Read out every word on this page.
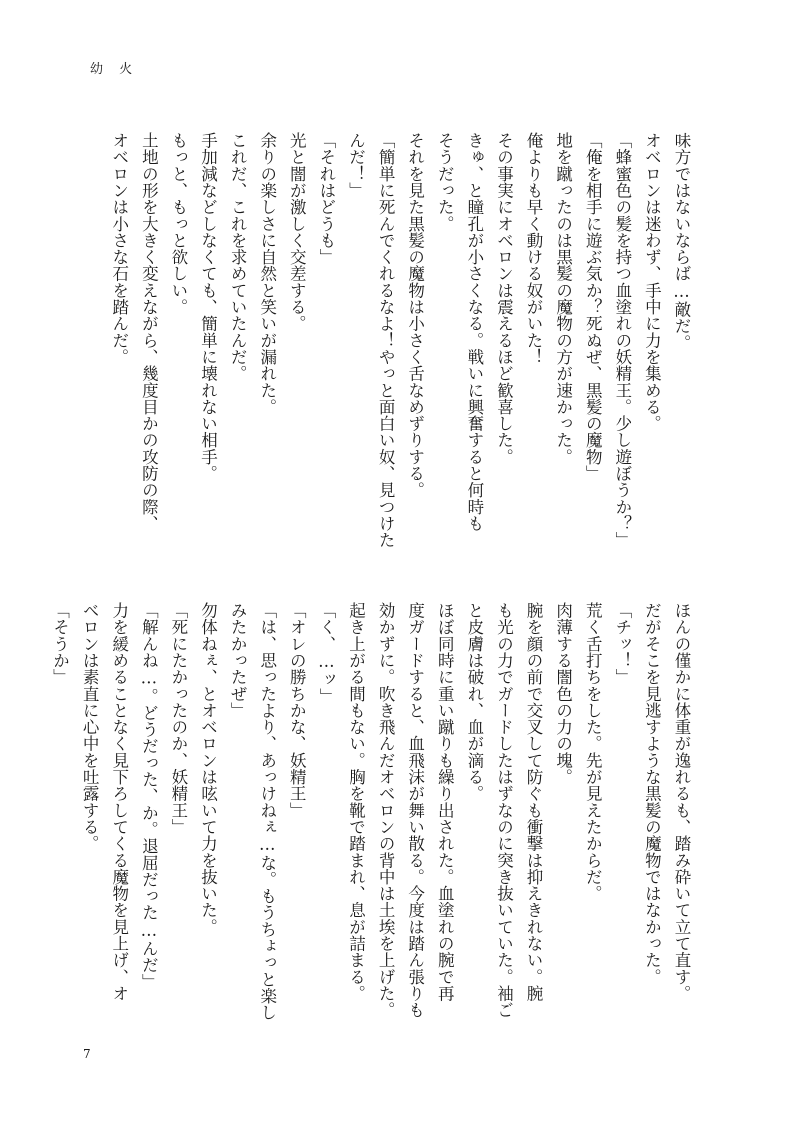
幼 火
味方ではないならば…敵だ。
オベロンは迷わず、手中に力を集める。
「蜂蜜色の髪を持つ血塗れの妖精王。少し遊ぼうか？」
「俺を相手に遊ぶ気か？死ぬぜ、黒髪の魔物」
地を蹴ったのは黒髪の魔物の方が速かった。
俺よりも早く動ける奴がいた！
その事実にオベロンは震えるほど歓喜した。
きゅ、と瞳孔が小さくなる。戦いに興奮すると何時も
そうだった。
それを見た黒髪の魔物は小さく舌なめずりする。
「簡単に死んでくれるなよ！やっと面白い奴、見つけた
んだ！」
「それはどうも」
光と闇が激しく交差する。
余りの楽しさに自然と笑いが漏れた。
これだ、これを求めていたんだ。
手加減などしなくても、簡単に壊れない相手。
もっと、もっと欲しい。
土地の形を大きく変えながら、幾度目かの攻防の際、
オベロンは小さな石を踏んだ。
ほんの僅かに体重が逸れるも、踏み砕いて立て直す。
だがそこを見逃すような黒髪の魔物ではなかった。
「チッ！」
荒く舌打ちをした。先が見えたからだ。
肉薄する闇色の力の塊。
腕を顔の前で交叉して防ぐも衝撃は抑えきれない。腕
も光の力でガードしたはずなのに突き抜いていた。袖ご
と皮膚は破れ、血が滴る。
ほぼ同時に重い蹴りも繰り出された。血塗れの腕で再
度ガードすると、血飛沫が舞い散る。今度は踏ん張りも
効かずに。吹き飛んだオベロンの背中は土埃を上げた。
起き上がる間もない。胸を靴で踏まれ、息が詰まる。
「く、…ッ」
「オレの勝ちかな、妖精王」
「は、思ったより、あっけねぇ…な。もうちょっと楽し
みたかったぜ」
勿体ねぇ、とオベロンは呟いて力を抜いた。
「死にたかったのか、妖精王」
「解んね…。どうだった、か。退屈だった…んだ」
力を緩めることなく見下ろしてくる魔物を見上げ、オ
ベロンは素直に心中を吐露する。
「そうか」
7
